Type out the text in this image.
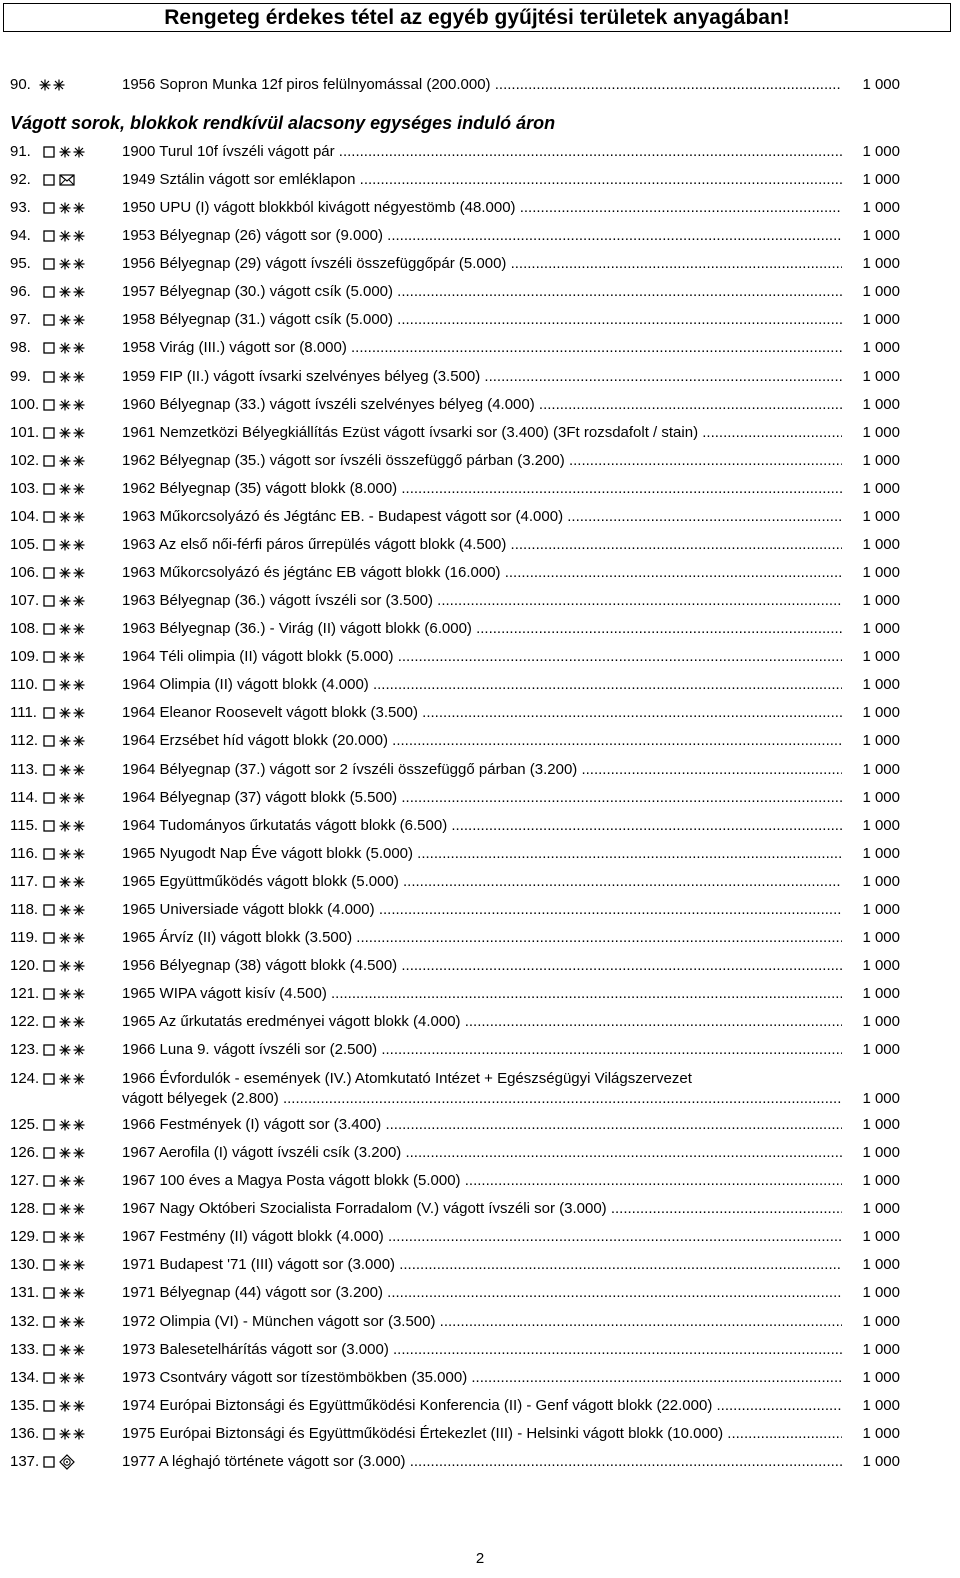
Rengeteg érdekes tétel az egyéb gyűjtési területek anyagában!
90.	1956 Sopron Munka 12f piros felülnyomással (200.000) .....	1 000
Vágott sorok, blokkok rendkívül alacsony egységes induló áron
91.	1900 Turul 10f ívszéli vágott pár .....	1 000
92.	1949 Sztálin vágott sor emléklapon .....	1 000
93.	1950 UPU (I) vágott blokkból kivágott négyestömb (48.000) .....	1 000
94.	1953 Bélyegnap (26) vágott sor (9.000) .....	1 000
95.	1956 Bélyegnap (29) vágott ívszéli összefüggőpár (5.000) .....	1 000
96.	1957 Bélyegnap (30.) vágott csík (5.000) .....	1 000
97.	1958 Bélyegnap (31.) vágott csík (5.000) .....	1 000
98.	1958 Virág (III.) vágott sor (8.000) .....	1 000
99.	1959 FIP (II.) vágott ívsarki szelvényes bélyeg (3.500) .....	1 000
100.	1960 Bélyegnap (33.) vágott ívszéli szelvényes bélyeg (4.000) .....	1 000
101.	1961 Nemzetközi Bélyegkiállítás Ezüst vágott ívsarki sor (3.400) (3Ft rozsdafolt / stain) .....	1 000
102.	1962 Bélyegnap (35.) vágott sor ívszéli összefüggő párban (3.200) .....	1 000
103.	1962 Bélyegnap (35) vágott blokk (8.000) .....	1 000
104.	1963 Műkorcsolyázó és Jégtánc EB. - Budapest vágott sor (4.000) .....	1 000
105.	1963 Az első női-férfi páros űrrepülés vágott blokk (4.500) .....	1 000
106.	1963 Műkorcsolyázó és jégtánc EB vágott blokk (16.000) .....	1 000
107.	1963 Bélyegnap (36.) vágott ívszéli sor (3.500) .....	1 000
108.	1963 Bélyegnap (36.) - Virág (II) vágott blokk (6.000) .....	1 000
109.	1964 Téli olimpia (II) vágott blokk (5.000) .....	1 000
110.	1964 Olimpia (II) vágott blokk (4.000) .....	1 000
111.	1964 Eleanor Roosevelt vágott blokk (3.500) .....	1 000
112.	1964 Erzsébet híd vágott blokk (20.000) .....	1 000
113.	1964 Bélyegnap (37.) vágott sor 2 ívszéli összefüggő párban (3.200) .....	1 000
114.	1964 Bélyegnap (37) vágott blokk (5.500) .....	1 000
115.	1964 Tudományos űrkutatás vágott blokk (6.500) .....	1 000
116.	1965 Nyugodt Nap Éve vágott blokk (5.000) .....	1 000
117.	1965 Együttműködés vágott blokk (5.000) .....	1 000
118.	1965 Universiade vágott blokk (4.000) .....	1 000
119.	1965 Árvíz (II) vágott blokk (3.500) .....	1 000
120.	1956 Bélyegnap (38) vágott blokk (4.500) .....	1 000
121.	1965 WIPA vágott kisív (4.500) .....	1 000
122.	1965 Az űrkutatás eredményei vágott blokk (4.000) .....	1 000
123.	1966 Luna 9. vágott ívszéli sor (2.500) .....	1 000
124.	1966 Évfordulók - események (IV.) Atomkutató Intézet + Egészségügyi Világszervezet
vágott bélyegek (2.800) .....	1 000
125.	1966 Festmények (I) vágott sor (3.400) .....	1 000
126.	1967 Aerofila (I) vágott ívszéli csík (3.200) .....	1 000
127.	1967 100 éves a Magya Posta vágott blokk (5.000) .....	1 000
128.	1967 Nagy Októberi Szocialista Forradalom (V.) vágott ívszéli sor (3.000) .....	1 000
129.	1967 Festmény (II) vágott blokk (4.000) .....	1 000
130.	1971 Budapest '71 (III) vágott sor (3.000) .....	1 000
131.	1971 Bélyegnap (44) vágott sor (3.200) .....	1 000
132.	1972 Olimpia (VI) - München vágott sor (3.500) .....	1 000
133.	1973 Balesetelhárítás vágott sor (3.000) .....	1 000
134.	1973 Csontváry vágott sor tízestömbökben (35.000) .....	1 000
135.	1974 Európai Biztonsági és Együttműködési Konferencia (II) - Genf vágott blokk (22.000) .....	1 000
136.	1975 Európai Biztonsági és Együttműködési Értekezlet (III) - Helsinki vágott blokk (10.000) .....	1 000
137.	1977 A léghajó története vágott sor (3.000) .....	1 000
2
